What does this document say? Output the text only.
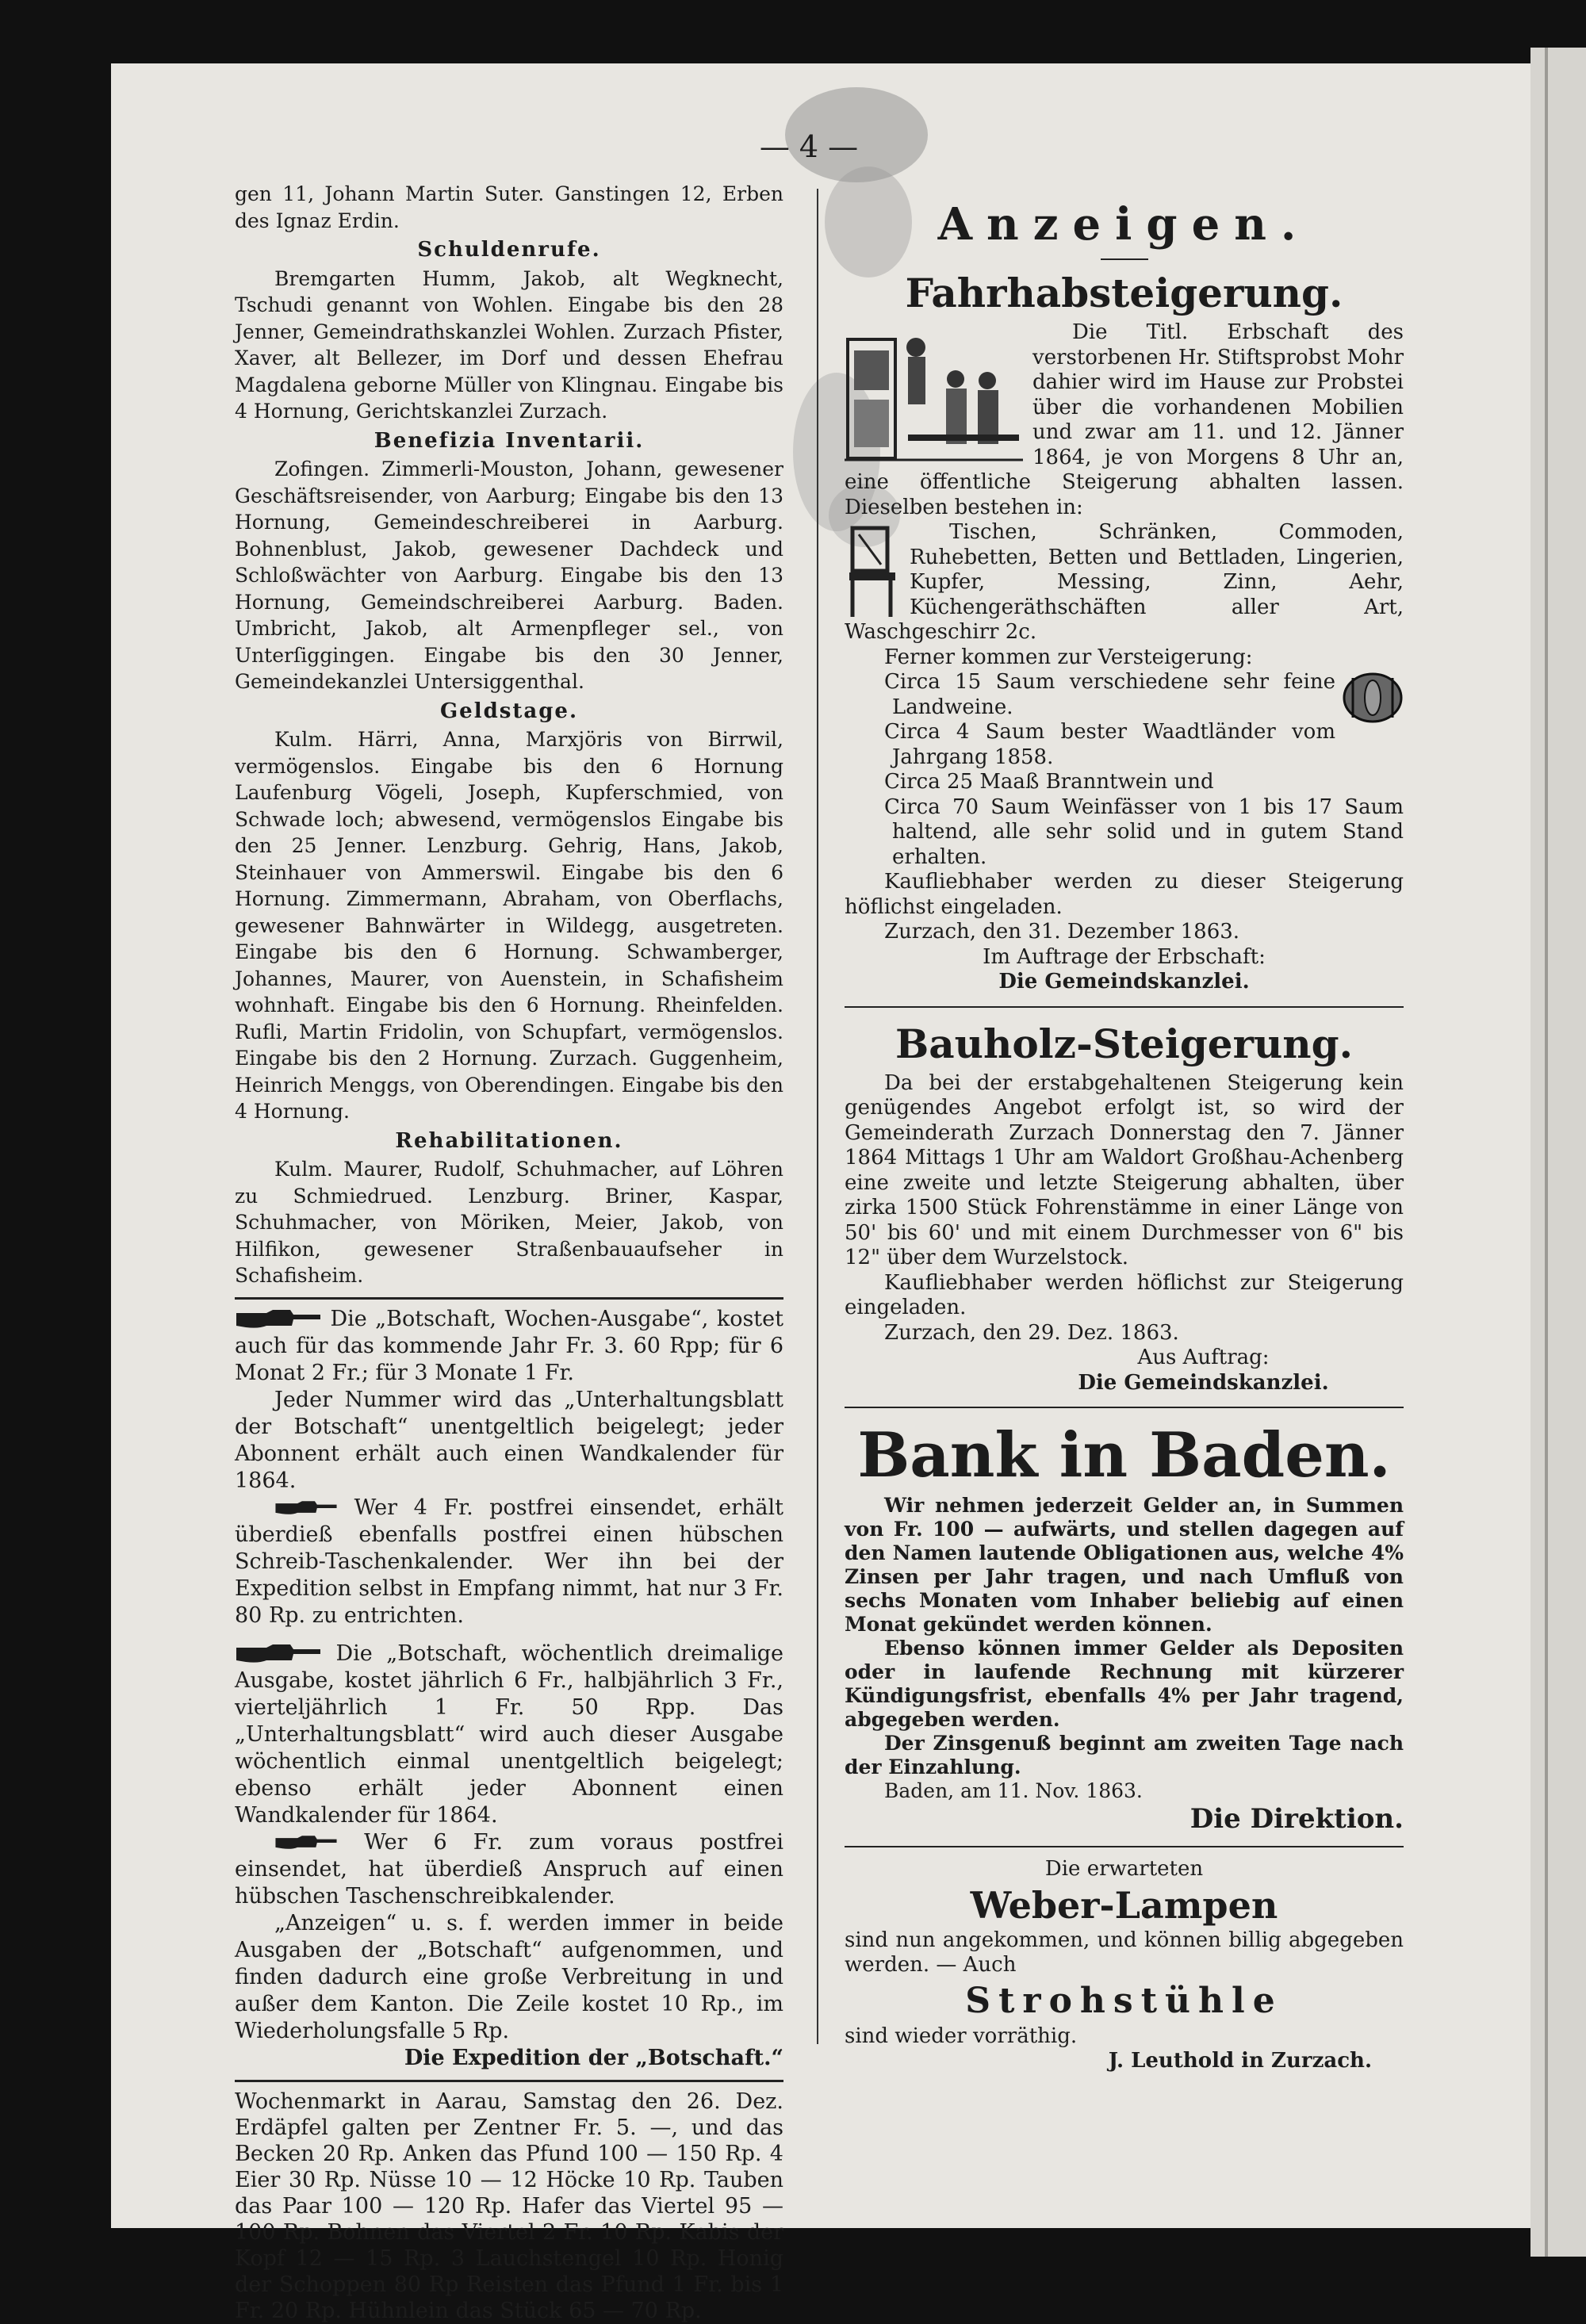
— 4 —

gen 11, Johann Martin Suter. Ganstingen 12, Erben des Ignaz Erdin.

Schuldenrufe.

Bremgarten Humm, Jakob, alt Wegknecht, Tschudi genannt von Wohlen. Eingabe bis den 28 Jenner, Gemeindrathskanzlei Wohlen. Zurzach Pfister, Xaver, alt Bellezer, im Dorf und dessen Ehefrau Magdalena geborne Müller von Klingnau. Eingabe bis 4 Hornung, Gerichtskanzlei Zurzach.

Benefizia Inventarii.

Zofingen. Zimmerli-Mouston, Johann, gewesener Geschäftsreisender, von Aarburg; Eingabe bis den 13 Hornung, Gemeindeschreiberei in Aarburg. Bohnenblust, Jakob, gewesener Dachdeck und Schloßwächter von Aarburg. Eingabe bis den 13 Hornung, Gemeindschreiberei Aarburg. Baden. Umbricht, Jakob, alt Armenpfleger sel., von Unterſiggingen. Eingabe bis den 30 Jenner, Gemeindekanzlei Untersiggenthal.

Geldstage.

Kulm. Härri, Anna, Marxjöris von Birrwil, vermögenslos. Eingabe bis den 6 Hornung Laufenburg Vögeli, Joseph, Kupferschmied, von Schwade loch; abwesend, vermögenslos Eingabe bis den 25 Jenner. Lenzburg. Gehrig, Hans, Jakob, Steinhauer von Ammerswil. Eingabe bis den 6 Hornung. Zimmermann, Abraham, von Oberflachs, gewesener Bahnwärter in Wildegg, ausgetreten. Eingabe bis den 6 Hornung. Schwamberger, Johannes, Maurer, von Auenstein, in Schafisheim wohnhaft. Eingabe bis den 6 Hornung. Rheinfelden. Rufli, Martin Fridolin, von Schupfart, vermögenslos. Eingabe bis den 2 Hornung. Zurzach. Guggenheim, Heinrich Menggs, von Oberendingen. Eingabe bis den 4 Hornung.

Rehabilitationen.

Kulm. Maurer, Rudolf, Schuhmacher, auf Löhren zu Schmiedrued. Lenzburg. Briner, Kaspar, Schuhmacher, von Möriken, Meier, Jakob, von Hilfikon, gewesener Straßenbauaufseher in Schafisheim.

Die „Botschaft, Wochen-Ausgabe“, kostet auch für das kommende Jahr Fr. 3. 60 Rpp; für 6 Monat 2 Fr.; für 3 Monate 1 Fr.

Jeder Nummer wird das „Unterhaltungsblatt der Botschaft“ unentgeltlich beigelegt; jeder Abonnent erhält auch einen Wandkalender für 1864.

Wer 4 Fr. postfrei einsendet, erhält überdieß ebenfalls postfrei einen hübschen Schreib-Taschenkalender. Wer ihn bei der Expedition selbst in Empfang nimmt, hat nur 3 Fr. 80 Rp. zu entrichten.

Die „Botschaft, wöchentlich dreimalige Ausgabe, kostet jährlich 6 Fr., halbjährlich 3 Fr., vierteljährlich 1 Fr. 50 Rpp. Das „Unterhaltungsblatt“ wird auch dieser Ausgabe wöchentlich einmal unentgeltlich beigelegt; ebenso erhält jeder Abonnent einen Wandkalender für 1864.

Wer 6 Fr. zum voraus postfrei einsendet, hat überdieß Anspruch auf einen hübschen Taschenschreibkalender.

„Anzeigen“ u. s. f. werden immer in beide Ausgaben der „Botschaft“ aufgenommen, und finden dadurch eine große Verbreitung in und außer dem Kanton. Die Zeile kostet 10 Rp., im Wiederholungsfalle 5 Rp.

Die Expedition der „Botschaft.“

Wochenmarkt in Aarau, Samstag den 26. Dez. Erdäpfel galten per Zentner Fr. 5. —, und das Becken 20 Rp. Anken das Pfund 100 — 150 Rp. 4 Eier 30 Rp. Nüsse 10 — 12 Höcke 10 Rp. Tauben das Paar 100 — 120 Rp. Hafer das Viertel 95 — 100 Rp. Bohnen das Viertel 2 Fr. 10 Rp. Kabis der Kopf 12 — 15 Rp. 3 Lauchstengel 10 Rp. Honig der Schoppen 80 Rp Reisten das Pfund 1 Fr. bis 1 Fr. 20 Rp. Hühnlein das Stück 65 — 70 Rp.

Anzeigen.
Fahrhabsteigerung.

Die Titl. Erbschaft des verstorbenen Hr. Stiftsprobst Mohr dahier wird im Hause zur Probstei über die vorhandenen Mobilien und zwar am 11. und 12. Jänner 1864, je von Morgens 8 Uhr an, eine öffentliche Steigerung abhalten lassen. Dieselben bestehen in:

Tischen, Schränken, Commoden, Ruhebetten, Betten und Bettladen, Lingerien, Kupfer, Messing, Zinn, Aehr, Küchengeräthschäften aller Art, Waschgeschirr 2c.

Ferner kommen zur Versteigerung:

Circa 15 Saum verschiedene sehr feine Landweine.

Circa 4 Saum bester Waadtländer vom Jahrgang 1858.

Circa 25 Maaß Branntwein und

Circa 70 Saum Weinfässer von 1 bis 17 Saum haltend, alle sehr solid und in gutem Stand erhalten.

Kaufliebhaber werden zu dieser Steigerung höflichst eingeladen.

Zurzach, den 31. Dezember 1863.

Im Auftrage der Erbschaft:

Die Gemeindskanzlei.

Bauholz-Steigerung.

Da bei der erstabgehaltenen Steigerung kein genügendes Angebot erfolgt ist, so wird der Gemeinderath Zurzach Donnerstag den 7. Jänner 1864 Mittags 1 Uhr am Waldort Großhau-Achenberg eine zweite und letzte Steigerung abhalten, über zirka 1500 Stück Fohrenstämme in einer Länge von 50' bis 60' und mit einem Durchmesser von 6" bis 12" über dem Wurzelstock.

Kaufliebhaber werden höflichst zur Steigerung eingeladen.

Zurzach, den 29. Dez. 1863.

Aus Auftrag:

Die Gemeindskanzlei.

Bank in Baden.

Wir nehmen jederzeit Gelder an, in Summen von Fr. 100 — aufwärts, und stellen dagegen auf den Namen lautende Obligationen aus, welche 4% Zinsen per Jahr tragen, und nach Umfluß von sechs Monaten vom Inhaber beliebig auf einen Monat gekündet werden können.

Ebenso können immer Gelder als Depositen oder in laufende Rechnung mit kürzerer Kündigungsfrist, ebenfalls 4% per Jahr tragend, abgegeben werden.

Der Zinsgenuß beginnt am zweiten Tage nach der Einzahlung.

Baden, am 11. Nov. 1863.

Die Direktion.

Die erwarteten

Weber-Lampen

sind nun angekommen, und können billig abgegeben werden. — Auch

Strohstühle

sind wieder vorräthig.

J. Leuthold in Zurzach.
